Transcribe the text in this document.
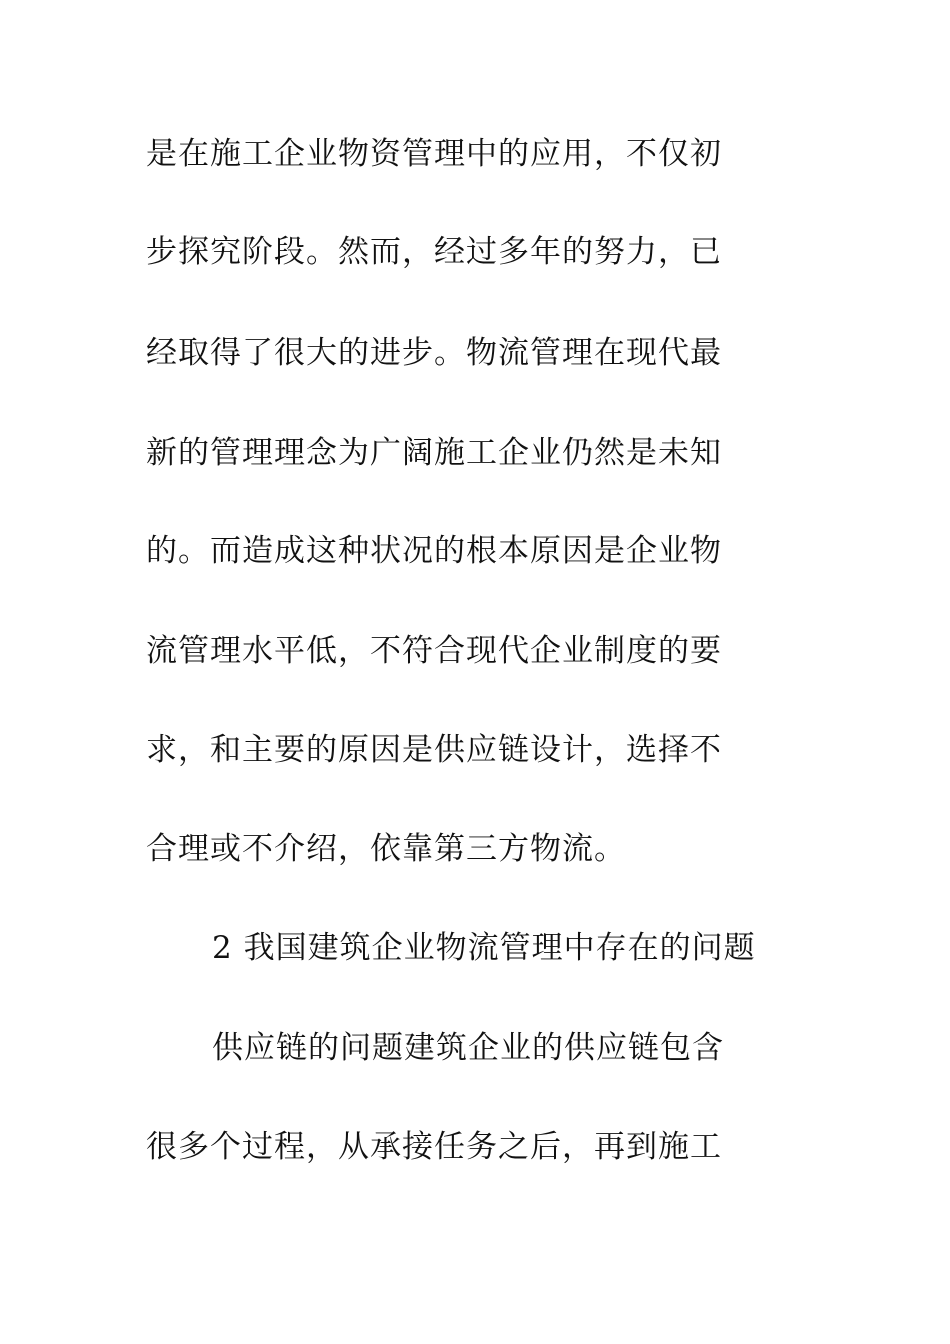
是在施工企业物资管理中的应用，不仅初
步探究阶段。然而，经过多年的努力，已
经取得了很大的进步。物流管理在现代最
新的管理理念为广阔施工企业仍然是未知
的。而造成这种状况的根本原因是企业物
流管理水平低，不符合现代企业制度的要
求，和主要的原因是供应链设计，选择不
合理或不介绍，依靠第三方物流。
2 我国建筑企业物流管理中存在的问题
供应链的问题建筑企业的供应链包含
很多个过程，从承接任务之后，再到施工
